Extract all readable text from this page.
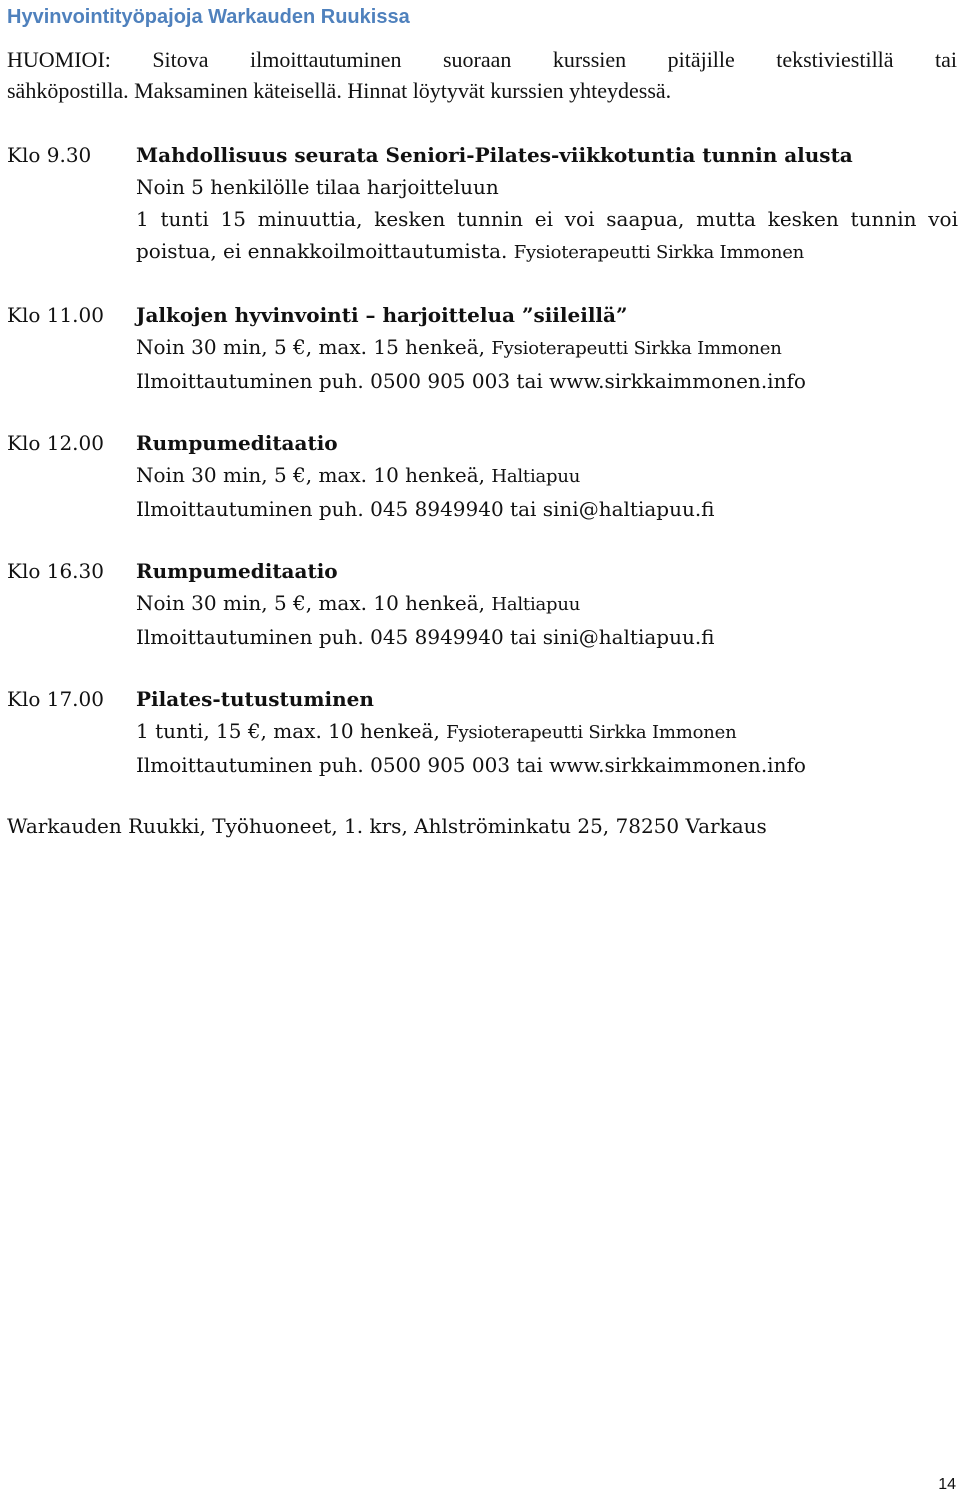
Hyvinvointityöpajoja Warkauden Ruukissa
HUOMIOI: Sitova ilmoittautuminen suoraan kurssien pitäjille tekstiviestillä tai
sähköpostilla. Maksaminen käteisellä. Hinnat löytyvät kurssien yhteydessä.
Klo 9.30 Mahdollisuus seurata Seniori-Pilates-viikkotuntia tunnin alusta
Noin 5 henkilölle tilaa harjoitteluun
1 tunti 15 minuuttia, kesken tunnin ei voi saapua, mutta kesken tunnin voi
poistua, ei ennakkoilmoittautumista. Fysioterapeutti Sirkka Immonen
Klo 11.00 Jalkojen hyvinvointi – harjoittelua ”siileillä”
Noin 30 min, 5 €, max. 15 henkeä, Fysioterapeutti Sirkka Immonen
Ilmoittautuminen puh. 0500 905 003 tai www.sirkkaimmonen.info
Klo 12.00 Rumpumeditaatio
Noin 30 min, 5 €, max. 10 henkeä, Haltiapuu
Ilmoittautuminen puh. 045 8949940 tai sini@haltiapuu.fi
Klo 16.30 Rumpumeditaatio
Noin 30 min, 5 €, max. 10 henkeä, Haltiapuu
Ilmoittautuminen puh. 045 8949940 tai sini@haltiapuu.fi
Klo 17.00 Pilates-tutustuminen
1 tunti, 15 €, max. 10 henkeä, Fysioterapeutti Sirkka Immonen
Ilmoittautuminen puh. 0500 905 003 tai www.sirkkaimmonen.info
Warkauden Ruukki, Työhuoneet, 1. krs, Ahlströminkatu 25, 78250 Varkaus
14
